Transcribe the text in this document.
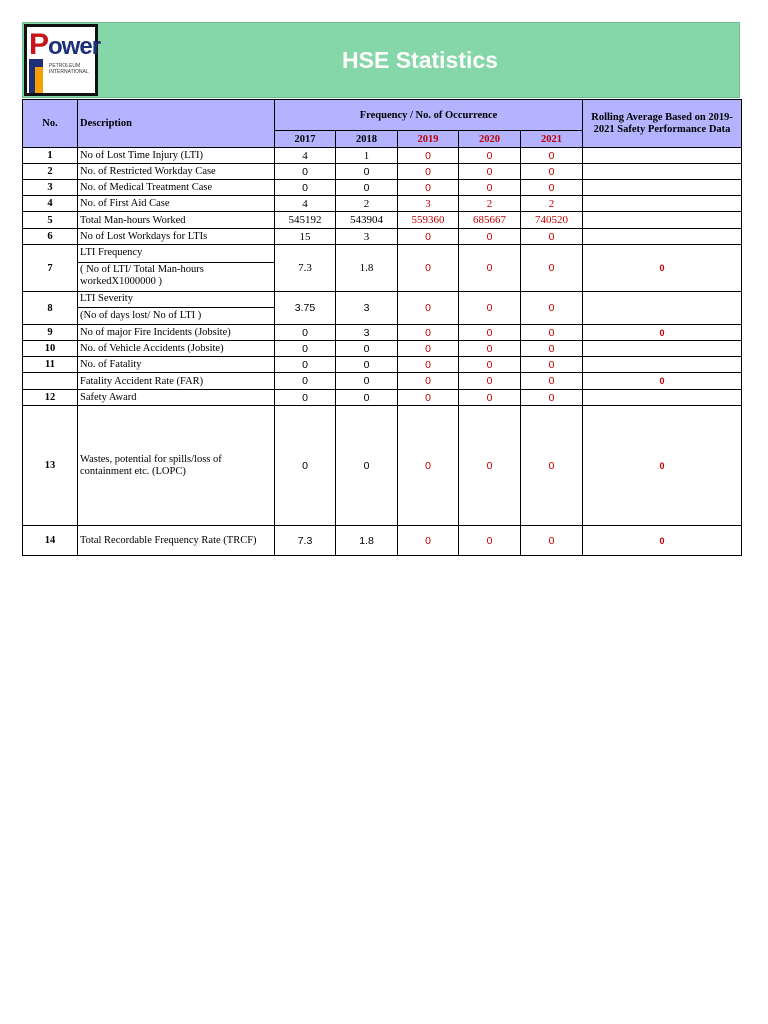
Power
PETROLEUM INTERNATIONAL	HSE Statistics
No.	Description	Frequency / No. of Occurrence					Rolling Average Based on 2019-2021 Safety Performance Data
		2017	2018	2019	2020	2021	
1	No of Lost Time Injury (LTI)	4	1	0	0	0	
2	No. of Restricted Workday Case	0	0	0	0	0	
3	No. of Medical Treatment Case	0	0	0	0	0	
4	No. of First Aid Case	4	2	3	2	2	
5	Total Man-hours Worked	545192	543904	559360	685667	740520	
6	No of Lost Workdays for LTIs	15	3	0	0	0	
7	LTI Frequency
( No of LTI/ Total Man-hours workedX1000000 )	7.3	1.8	0	0	0	0
8	LTI Severity
(No of days lost/ No of LTI )	3.75	3	0	0	0	
9	No of major Fire Incidents (Jobsite)	0	3	0	0	0	0
10	No. of Vehicle Accidents (Jobsite)	0	0	0	0	0	
11	No. of Fatality	0	0	0	0	0	
	Fatality Accident Rate (FAR)	0	0	0	0	0	0
12	Safety Award	0	0	0	0	0	
13	Wastes, potential for spills/loss of containment etc. (LOPC)	0	0	0	0	0	0
14	Total Recordable Frequency Rate (TRCF)	7.3	1.8	0	0	0	0
